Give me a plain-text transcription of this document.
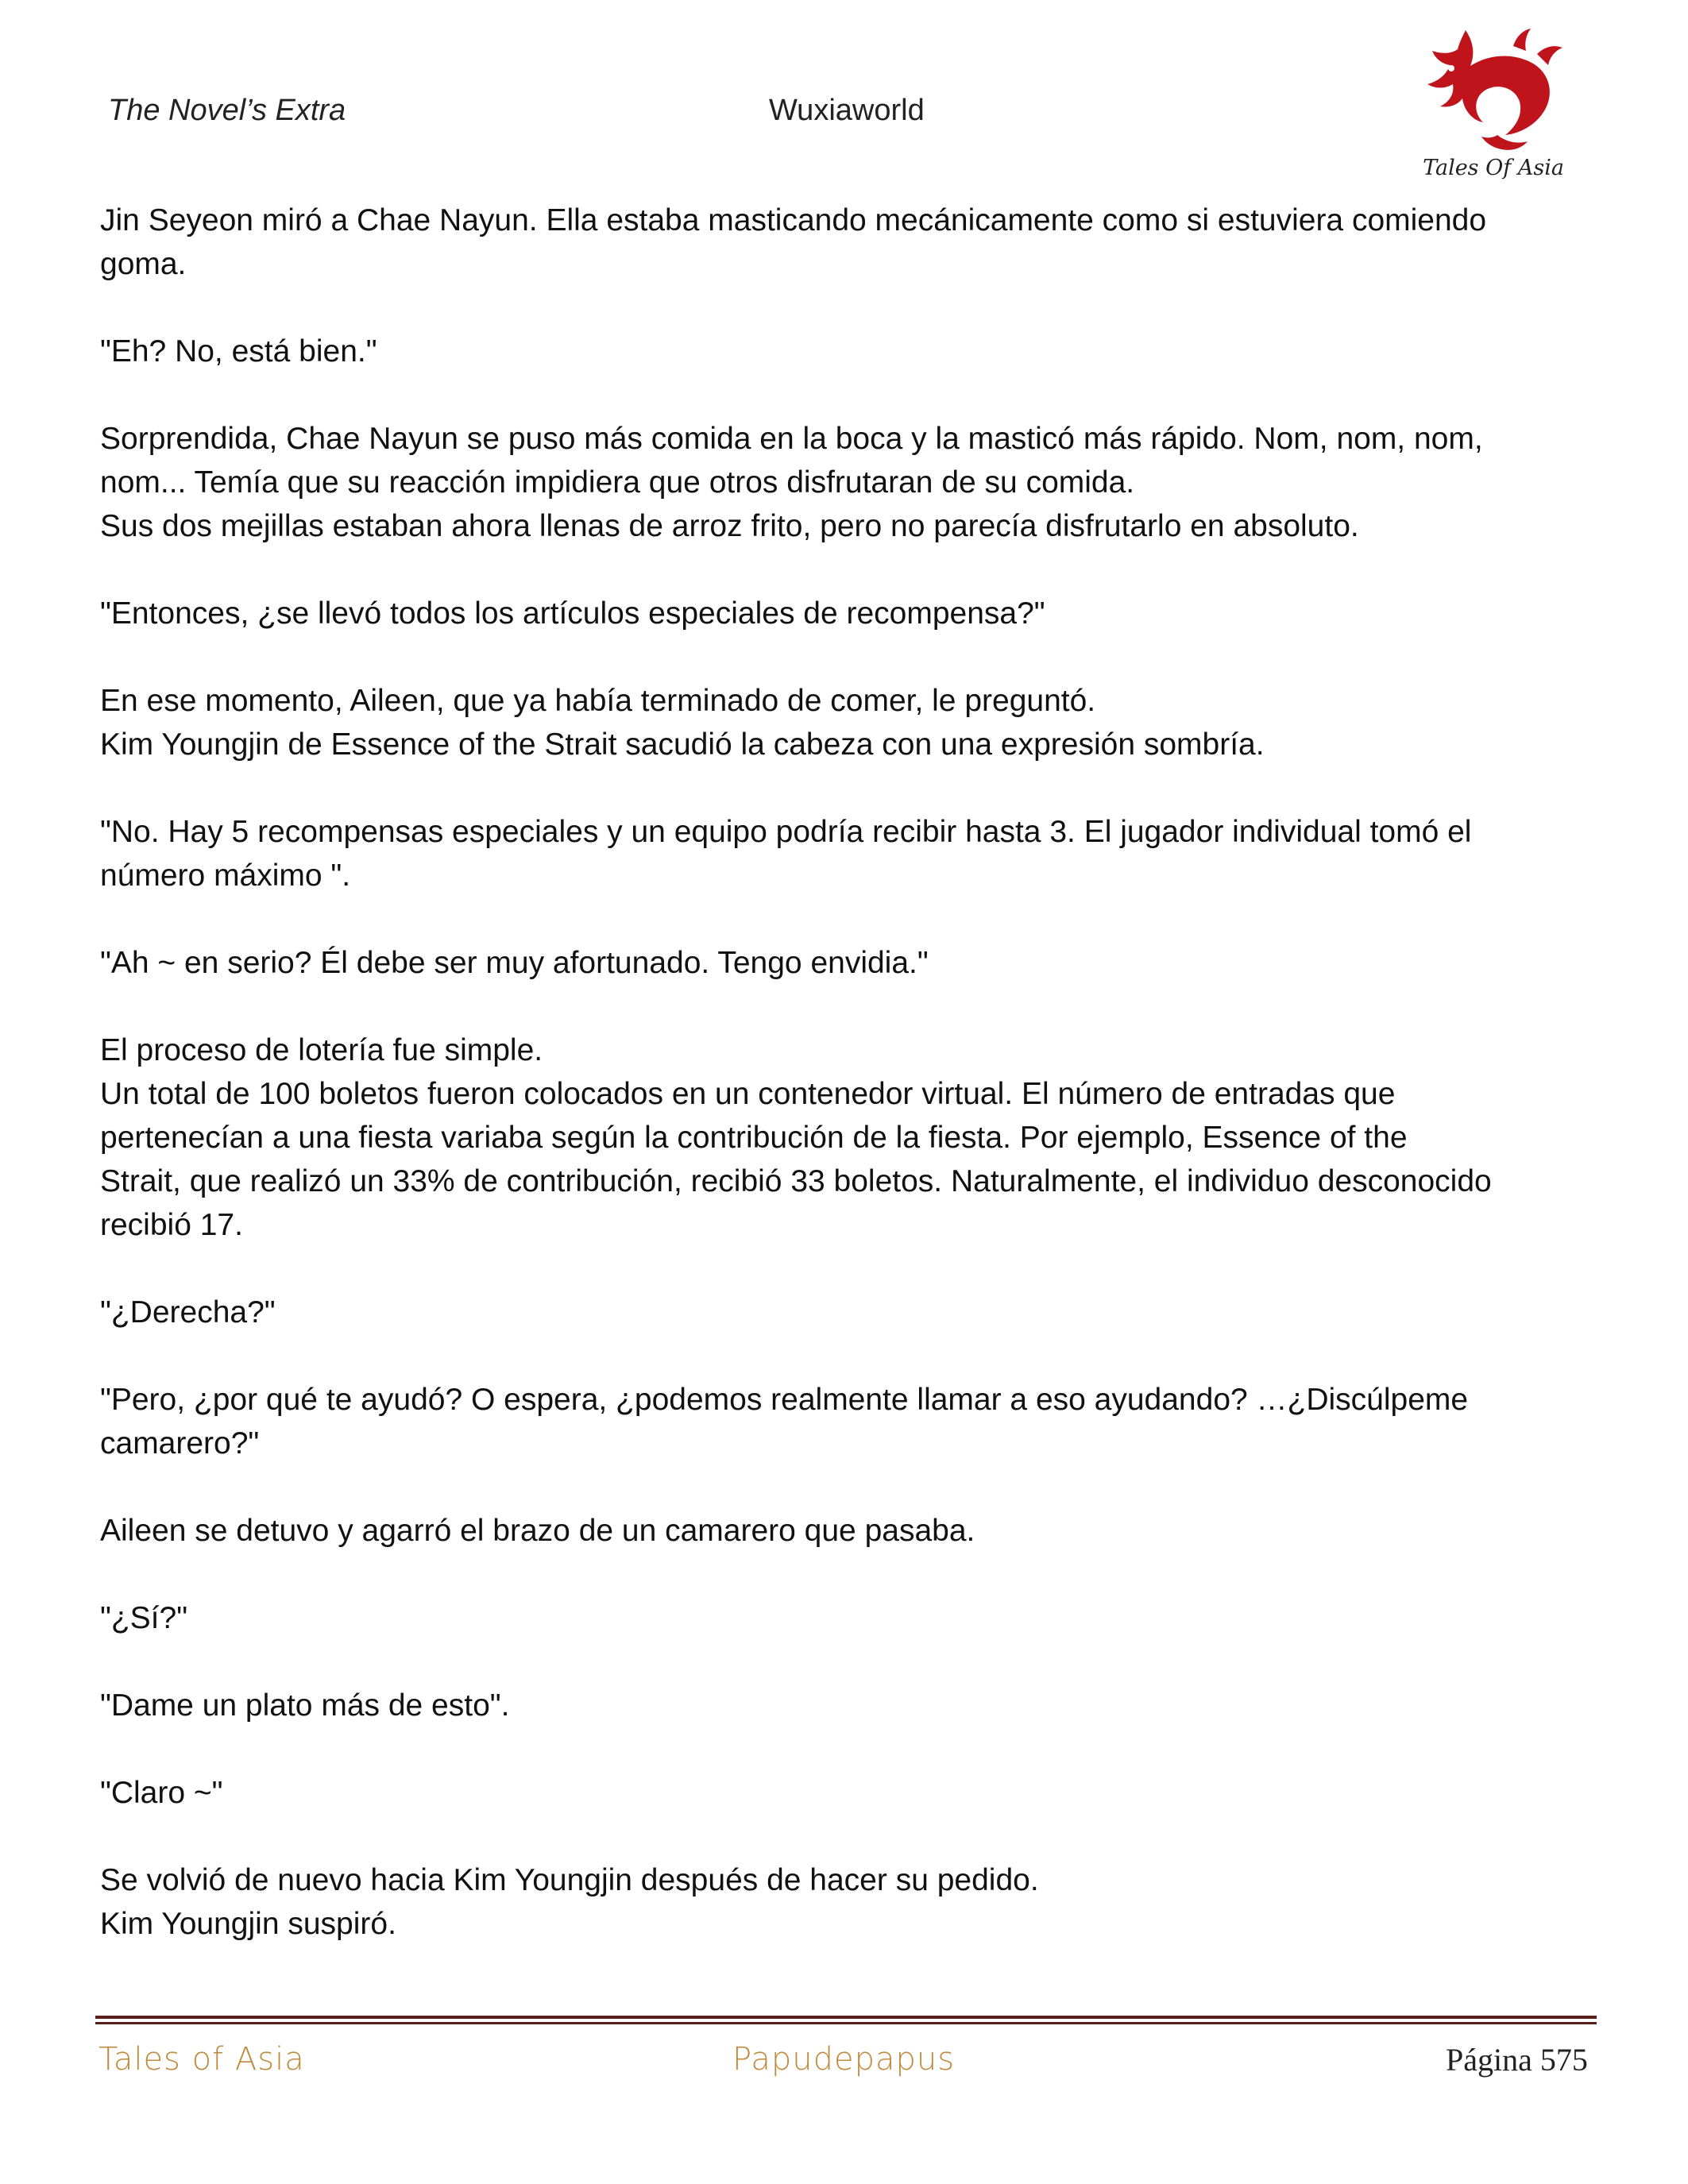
The Novel’s Extra	Wuxiaworld
Tales Of Asia
Jin Seyeon miró a Chae Nayun. Ella estaba masticando mecánicamente como si estuviera comiendo
goma.
"Eh? No, está bien."
Sorprendida, Chae Nayun se puso más comida en la boca y la masticó más rápido. Nom, nom, nom,
nom... Temía que su reacción impidiera que otros disfrutaran de su comida.
Sus dos mejillas estaban ahora llenas de arroz frito, pero no parecía disfrutarlo en absoluto.
"Entonces, ¿se llevó todos los artículos especiales de recompensa?"
En ese momento, Aileen, que ya había terminado de comer, le preguntó.
Kim Youngjin de Essence of the Strait sacudió la cabeza con una expresión sombría.
"No. Hay 5 recompensas especiales y un equipo podría recibir hasta 3. El jugador individual tomó el
número máximo ".
"Ah ~ en serio? Él debe ser muy afortunado. Tengo envidia."
El proceso de lotería fue simple.
Un total de 100 boletos fueron colocados en un contenedor virtual. El número de entradas que
pertenecían a una fiesta variaba según la contribución de la fiesta. Por ejemplo, Essence of the
Strait, que realizó un 33% de contribución, recibió 33 boletos. Naturalmente, el individuo desconocido
recibió 17.
"¿Derecha?"
"Pero, ¿por qué te ayudó? O espera, ¿podemos realmente llamar a eso ayudando? …¿Discúlpeme
camarero?"
Aileen se detuvo y agarró el brazo de un camarero que pasaba.
"¿Sí?"
"Dame un plato más de esto".
"Claro ~"
Se volvió de nuevo hacia Kim Youngjin después de hacer su pedido.
Kim Youngjin suspiró.
Tales of Asia	Papudepapus	Página 575
